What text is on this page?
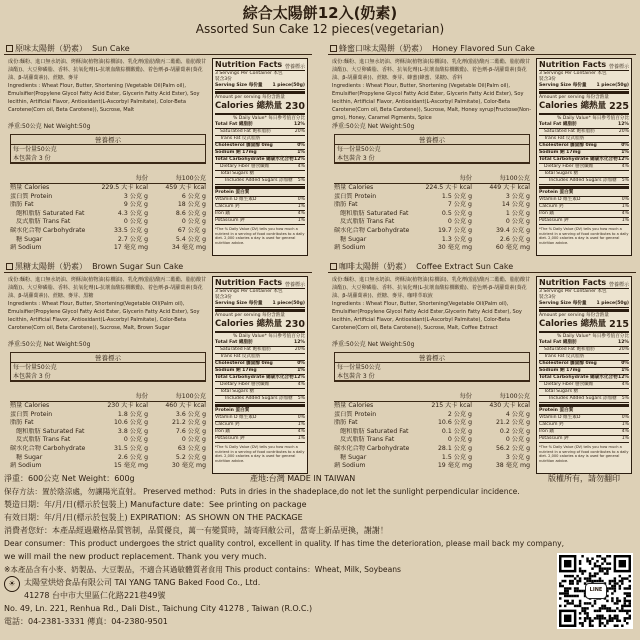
綜合太陽餅12入(奶素)
Assorted Sun Cake 12 pieces(vegetarian)
原味太陽餅（奶素） Sun Cake
成份:麵粉、進口無水奶油、烤酥油(植物油(棕櫚油)、乳化劑(脂肪酸丙二酯酯、脂肪酸甘油酯))、大豆卵磷脂、香料、抗氧化劑(L-抗壞血酸棕櫚酸酯)、着色劑-β-胡蘿蔔素(葵花油、β-胡蘿蔔素))、蔗糖、麥芽
Ingredients : Wheat Flour, Butter, Shortening (Vegetable Oil(Palm oil), Emulsifier(Propylene Glycol Fatty Acid Ester, Glycerin Fatty Acid Ester), Soy lecithin, Artificial Flavor, Antioxidant(L-Ascorbyl Palmitate), Color-Beta Carotene(Corn oil, Beta Carotene)), Sucrose, Malt
淨重:50公克 Net Weight:50g
營養標示
每一份量50公克
本包裝含 3 份
每份	每100公克
熱量 Calories	229.5 大卡 kcal	459 大卡 kcal
蛋白質 Protein	3 公克 g	6 公克 g
脂肪 Fat	9 公克 g	18 公克 g
飽和脂肪 Saturated Fat	4.3 公克 g	8.6 公克 g
反式脂肪 Trans Fat	0 公克 g	0 公克 g
碳水化合物 Carbohydrate	33.5 公克 g	67 公克 g
糖 Sugar	2.7 公克 g	5.4 公克 g
鈉 Sodium	17 毫克 mg	34 毫克 mg
Nutrition Facts 營養標示
3 Servings Per Container 本包裝含3份
Serving Size 每份量 1 piece(50g)
Amount per serving 每份含熱量
Calories 總熱量 230
% Daily Value* 每日參考值百分比
Total Fat 總脂肪	12%
Saturated Fat 飽和脂肪	20%
Trans Fat 反式脂肪
Cholesterol 膽固醇 0mg	0%
Sodium 鈉 17mg	1%
Total Carbohydrate 總碳水化合物 12%
Dietary Fiber 膳食纖維	4%
Total Sugars 糖
Includes Added Sugars 添加糖 5%
Protein 蛋白質
Vitamin D 維生素D	0%
Calcium 鈣	1%
Iron 鐵	4%
Potassium 鉀	1%
*The % Daily Value (DV) tells you how much a nutrient in a serving of food contributes to a daily diet. 2,000 calories a day is used for general nutrition advice.
蜂蜜口味太陽餅（奶素） Honey Flavored Sun Cake
成份:麵粉、進口無水奶油、烤酥油(植物油(棕櫚油)、乳化劑(脂肪酸丙二酯酯、脂肪酸甘油酯))、大豆卵磷脂、香料、抗氧化劑(L-抗壞血酸棕櫚酸酯)、着色劑-β-胡蘿蔔素(葵花油、β-胡蘿蔔素))、蔗糖、麥芽、蜂蜜(蜂蜜、果糖)、香料
Ingredients : Wheat Flour, Butter, Shortening (Vegetable Oil(Palm oil), Emulsifier(Propylene Glycol Fatty Acid Ester, Glycerin Fatty Acid Ester), Soy lecithin, Artificial Flavor, Antioxidant(L-Ascorbyl Palmitate), Color-Beta Carotene(Corn oil, Beta Carotene)), Sucrose, Malt, Honey syrup(Fructose(Non-gmo), Honey, Caramel Pigments, Spice
淨重:50公克 Net Weight:50g
營養標示
每一份量50公克
本包裝含 3 份
每份	每100公克
熱量 Calories	224.5 大卡 kcal	449 大卡 kcal
蛋白質 Protein	1.5 公克 g	3 公克 g
脂肪 Fat	7 公克 g	14 公克 g
飽和脂肪 Saturated Fat	0.5 公克 g	1 公克 g
反式脂肪 Trans Fat	0 公克 g	0 公克 g
碳水化合物 Carbohydrate	19.7 公克 g	39.4 公克 g
糖 Sugar	1.3 公克 g	2.6 公克 g
鈉 Sodium	30 毫克 mg	60 毫克 mg
Nutrition Facts 營養標示
3 Servings Per Container 本包裝含3份
Serving Size 每份量 1 piece(50g)
Amount per serving 每份含熱量
Calories 總熱量 225
% Daily Value* 每日參考值百分比
Total Fat 總脂肪	12%
Saturated Fat 飽和脂肪	20%
Trans Fat 反式脂肪
Cholesterol 膽固醇 0mg	0%
Sodium 鈉 17mg	1%
Total Carbohydrate 總碳水化合物 12%
Dietary Fiber 膳食纖維	4%
Total Sugars 糖
Includes Added Sugars 添加糖 5%
Protein 蛋白質
Vitamin D 維生素D	0%
Calcium 鈣	1%
Iron 鐵	4%
Potassium 鉀	1%
*The % Daily Value (DV) tells you how much a nutrient in a serving of food contributes to a daily diet. 2,000 calories a day is used for general nutrition advice.
黑糖太陽餅（奶素） Brown Sugar Sun Cake
成份:麵粉、進口無水奶油、烤酥油(植物油(棕櫚油)、乳化劑(脂肪酸丙二酯酯、脂肪酸甘油酯))、大豆卵磷脂、香料、抗氧化劑(L-抗壞血酸棕櫚酸酯)、着色劑-β-胡蘿蔔素(葵花油、β-胡蘿蔔素))、蔗糖、麥芽、黑糖
Ingredients : Wheat Flour, Butter, Shortening(Vegetable Oil(Palm oil), Emulsifier(Propylene Glycol Fatty Acid Ester, Glycerin Fatty Acid Ester), Soy lecithin, Artificial Flavor, Antioxidant(L-Ascorbyl Palmitate), Color-Beta Carotene(Corn oil, Beta Carotene)), Sucrose, Malt, Brown Sugar
淨重:50公克 Net Weight:50g
營養標示
每一份量50公克
本包裝含 3 份
每份	每100公克
熱量 Calories	230 大卡 kcal	460 大卡 kcal
蛋白質 Protein	1.8 公克 g	3.6 公克 g
脂肪 Fat	10.6 公克 g	21.2 公克 g
飽和脂肪 Saturated Fat	3.8 公克 g	7.6 公克 g
反式脂肪 Trans Fat	0 公克 g	0 公克 g
碳水化合物 Carbohydrate	31.5 公克 g	63 公克 g
糖 Sugar	2.6 公克 g	5.2 公克 g
鈉 Sodium	15 毫克 mg	30 毫克 mg
Nutrition Facts 營養標示
3 Servings Per Container 本包裝含3份
Serving Size 每份量 1 piece(50g)
Amount per serving 每份含熱量
Calories 總熱量 230
% Daily Value* 每日參考值百分比
Total Fat 總脂肪	12%
Saturated Fat 飽和脂肪	20%
Trans Fat 反式脂肪
Cholesterol 膽固醇 0mg	0%
Sodium 鈉 17mg	1%
Total Carbohydrate 總碳水化合物 12%
Dietary Fiber 膳食纖維	4%
Total Sugars 糖
Includes Added Sugars 添加糖 5%
Protein 蛋白質
Vitamin D 維生素D	0%
Calcium 鈣	1%
Iron 鐵	4%
Potassium 鉀	1%
*The % Daily Value (DV) tells you how much a nutrient in a serving of food contributes to a daily diet. 2,000 calories a day is used for general nutrition advice.
咖啡太陽餅（奶素） Coffee Extract Sun Cake
成份:麵粉、進口無水奶油、烤酥油(植物油(棕櫚油)、乳化劑(脂肪酸丙二酯酯、脂肪酸甘油酯))、大豆卵磷脂、香料、抗氧化劑(L-抗壞血酸棕櫚酸酯)、着色劑-β-胡蘿蔔素(葵花油、β-胡蘿蔔素))、蔗糖、麥芽、咖啡萃取液
Ingredients : Wheat Flour, Butter, Shortening(Vegetable Oil(Palm oil), Emulsifier(Propylene Glycol Fatty Acid Ester,Glycerin Fatty Acid Ester), Soy lecithin, Artificial Flavor, Antioxidant(L-Ascorbyl Palmitate), Color-Beta Carotene(Corn oil, Beta Carotene)), Sucrose, Malt, Coffee Extract
淨重:50公克 Net Weight:50g
營養標示
每一份量50公克
本包裝含 3 份
每份	每100公克
熱量 Calories	215 大卡 kcal	430 大卡 kcal
蛋白質 Protein	2 公克 g	4 公克 g
脂肪 Fat	10.6 公克 g	21.2 公克 g
飽和脂肪 Saturated Fat	0.1 公克 g	0.2 公克 g
反式脂肪 Trans Fat	0 公克 g	0 公克 g
碳水化合物 Carbohydrate	28.1 公克 g	56.2 公克 g
糖 Sugar	1.5 公克 g	3 公克 g
鈉 Sodium	19 毫克 mg	38 毫克 mg
Nutrition Facts 營養標示
3 Servings Per Container 本包裝含3份
Serving Size 每份量 1 piece(50g)
Amount per serving 每份含熱量
Calories 總熱量 215
% Daily Value* 每日參考值百分比
Total Fat 總脂肪	12%
Saturated Fat 飽和脂肪	20%
Trans Fat 反式脂肪
Cholesterol 膽固醇 0mg	0%
Sodium 鈉 17mg	1%
Total Carbohydrate 總碳水化合物 12%
Dietary Fiber 膳食纖維	4%
Total Sugars 糖
Includes Added Sugars 添加糖 5%
Protein 蛋白質
Vitamin D 維生素D	0%
Calcium 鈣	1%
Iron 鐵	4%
Potassium 鉀	1%
*The % Daily Value (DV) tells you how much a nutrient in a serving of food contributes to a daily diet. 2,000 calories a day is used for general nutrition advice.
淨重：600公克 Net Weight：600g	產地:台灣 MADE IN TAIWAN	版權所有，請勿翻印
保存方法：置於陰涼處，勿讓陽光直射。 Preserved method：Puts in dries in the shadeplace,do not let the sunlight perpendicular incidence.
製造日期：年/月/日(標示於包裝上) Manufacture date：See printing on package
有效日期：年/月/日(標示於包裝上) EXPIRATION：AS SHOWN ON THE PACKAGE
消費者您好：本產品經過嚴格品質管制，品質優良，萬一有變質時，請寄回敝公司，當寄上新品更換，謝謝！
Dear consumer：This product undergoes the strict quality control, excellent in quality. If has time the deterioration, please mail back my company,
we will mail the new product replacement. Thank you very much.
※本產品含有小麥、奶製品、大豆製品，不適合其過敏體質者食用 This product contains：Wheat, Milk, Soybeans
☀	太陽堂烘焙食品有限公司 TAI YANG TANG Baked Food Co., Ltd.
41278 台中市大里區仁化路221巷49號
No. 49, Ln. 221, Renhua Rd., Dali Dist., Taichung City 41278 , Taiwan (R.O.C.)
電話：04-2381-3331 傳真：04-2380-9501
LINE
